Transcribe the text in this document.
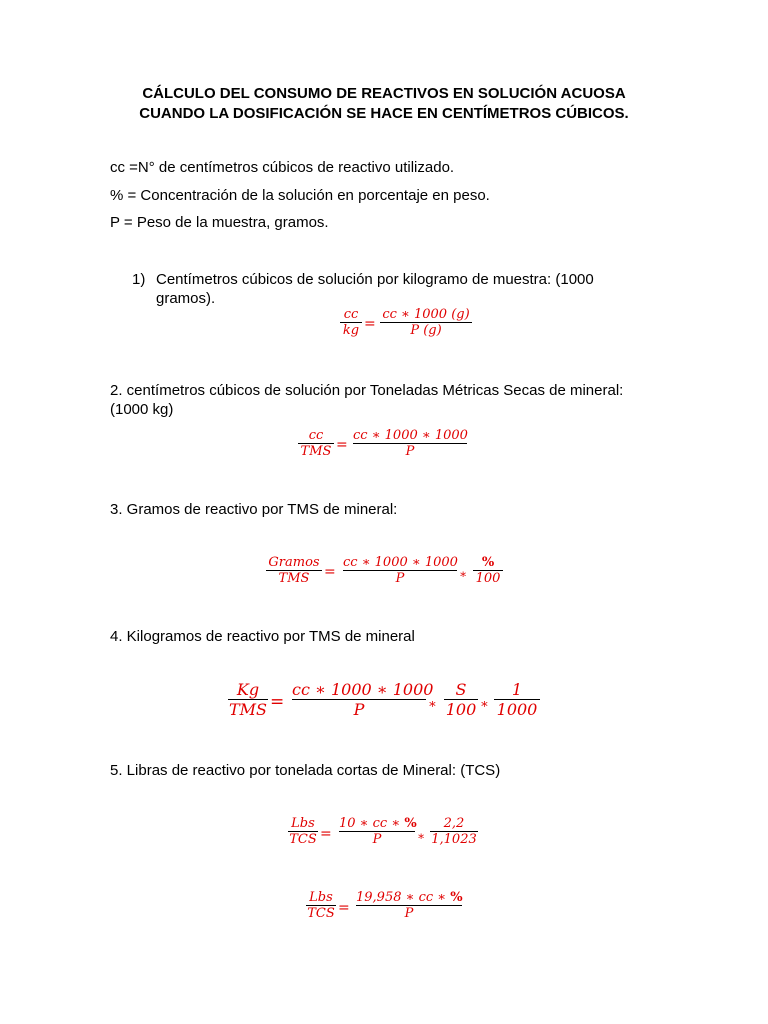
CÁLCULO DEL CONSUMO DE REACTIVOS EN SOLUCIÓN ACUOSA
CUANDO LA DOSIFICACIÓN SE HACE EN CENTÍMETROS CÚBICOS.
cc =N° de centímetros cúbicos de reactivo utilizado.
% = Concentración de la solución en porcentaje en peso.
P = Peso de la muestra, gramos.
1) Centímetros cúbicos de solución por kilogramo de muestra: (1000
gramos).
cc
kg =
cc ∗ 1000 (g)
P (g)
2. centímetros cúbicos de solución por Toneladas Métricas Secas de mineral:
(1000 kg)
cc
TMS =
cc ∗ 1000 ∗ 1000
P
3. Gramos de reactivo por TMS de mineral:
Gramos
TMS	=
cc ∗ 1000 ∗ 1000
P	∗
%
100
4. Kilogramos de reactivo por TMS de mineral
Kg
TMS =
cc ∗ 1000 ∗ 1000
P	∗
S
100 ∗
1
1000
5. Libras de reactivo por tonelada cortas de Mineral: (TCS)
Lbs
TCS =
10 ∗ cc ∗ %
P	∗
2,2
1,1023
Lbs
TCS =
19,958 ∗ cc ∗ %
P
